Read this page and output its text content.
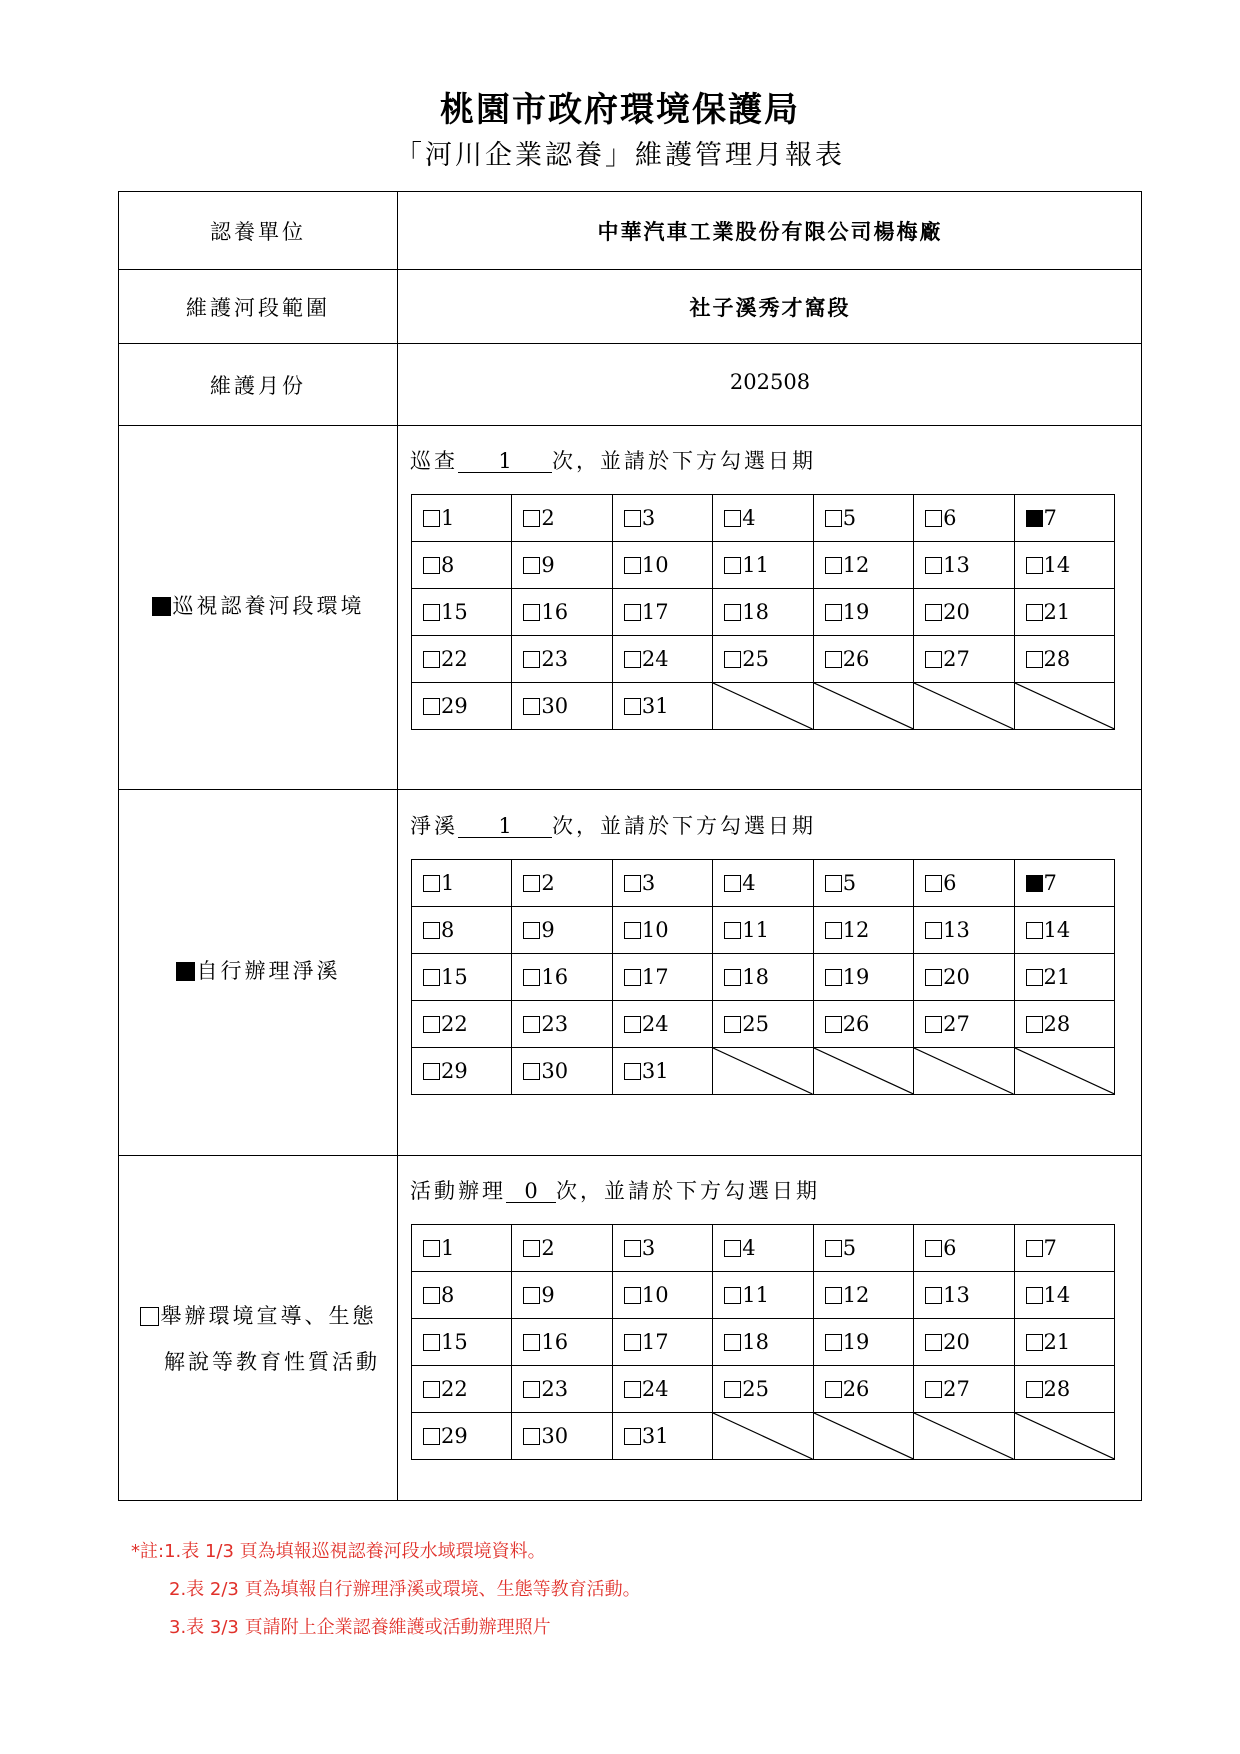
桃園市政府環境保護局
「河川企業認養」維護管理月報表
認養單位	中華汽車工業股份有限公司楊梅廠
維護河段範圍	社子溪秀才窩段
維護月份	202508
巡視認養河段環境
巡查 1 次，並請於下方勾選日期
1	2	3	4	5	6	7
8	9	10	11	12	13	14
15	16	17	18	19	20	21
22	23	24	25	26	27	28
29	30	31	

自行辦理淨溪
淨溪 1 次，並請於下方勾選日期
1	2	3	4	5	6	7
8	9	10	11	12	13	14
15	16	17	18	19	20	21
22	23	24	25	26	27	28
29	30	31	

舉辦環境宣導、生態
解說等教育性質活動
活動辦理 0 次，並請於下方勾選日期
1	2	3	4	5	6	7
8	9	10	11	12	13	14
15	16	17	18	19	20	21
22	23	24	25	26	27	28
29	30	31	

*註:1.表 1/3 頁為填報巡視認養河段水域環境資料。
2.表 2/3 頁為填報自行辦理淨溪或環境、生態等教育活動。
3.表 3/3 頁請附上企業認養維護或活動辦理照片
